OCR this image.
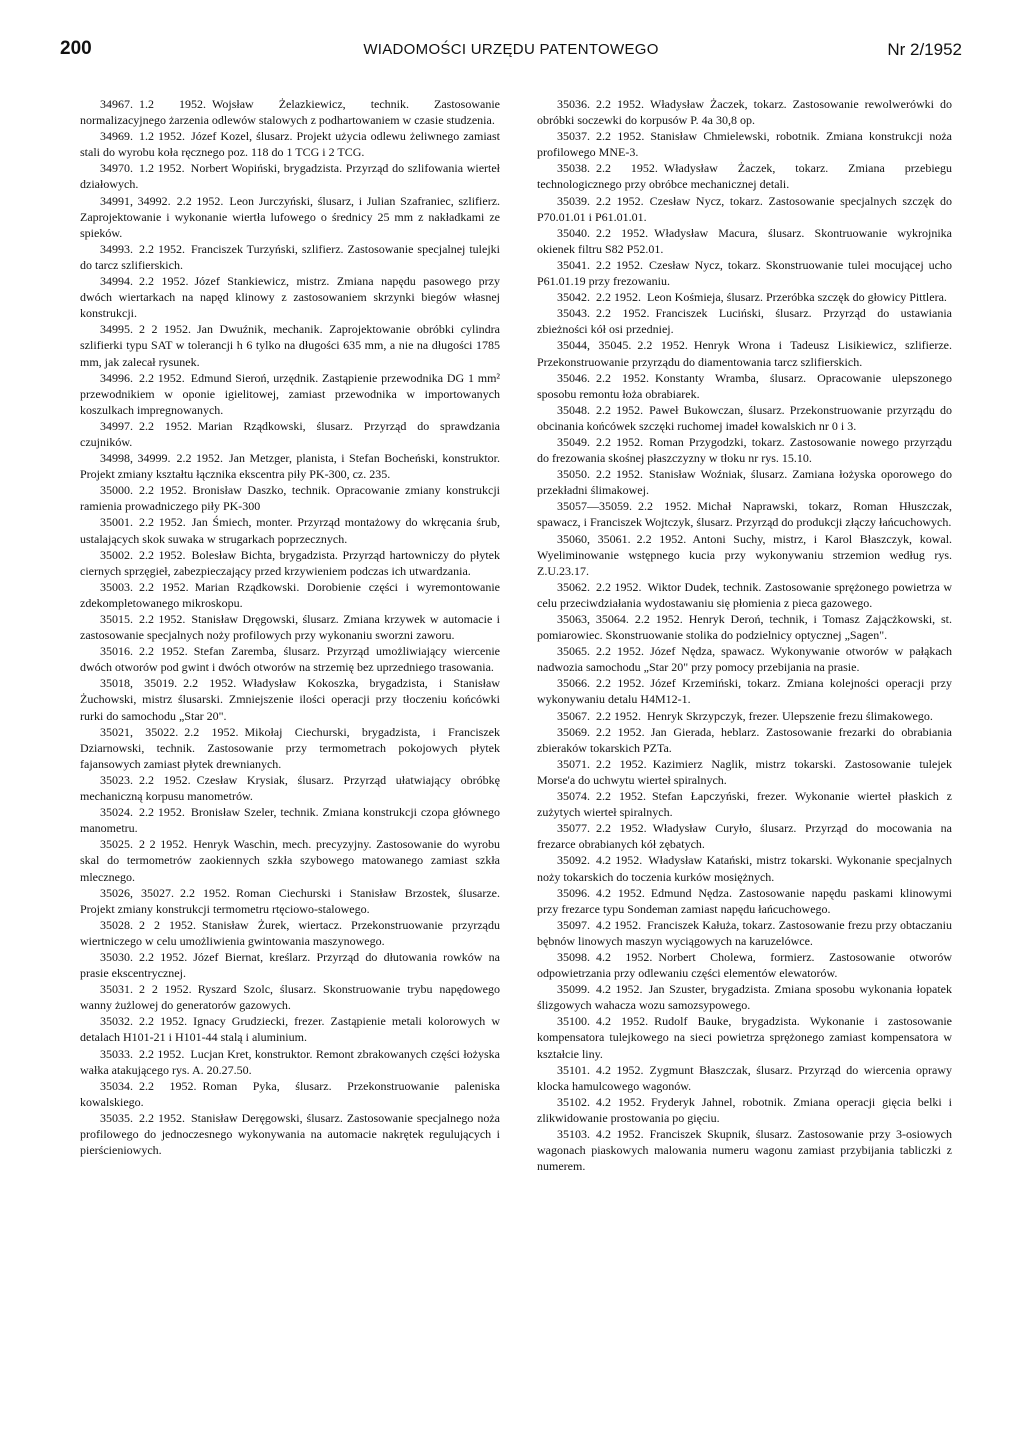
200	WIADOMOŚCI URZĘDU PATENTOWEGO	Nr 2/1952

34967. 1.2 1952. Wojsław Żelazkiewicz, technik. Zastosowanie normalizacyjnego żarzenia odlewów stalowych z podhartowaniem w czasie studzenia.

34969. 1.2 1952. Józef Kozel, ślusarz. Projekt użycia odlewu żeliwnego zamiast stali do wyrobu koła ręcznego poz. 118 do 1 TCG i 2 TCG.

34970. 1.2 1952. Norbert Wopiński, brygadzista. Przyrząd do szlifowania wierteł działowych.

34991, 34992. 2.2 1952. Leon Jurczyński, ślusarz, i Julian Szafraniec, szlifierz. Zaprojektowanie i wykonanie wiertła lufowego o średnicy 25 mm z nakładkami ze spieków.

34993. 2.2 1952. Franciszek Turzyński, szlifierz. Zastosowanie specjalnej tulejki do tarcz szlifierskich.

34994. 2.2 1952. Józef Stankiewicz, mistrz. Zmiana napędu pasowego przy dwóch wiertarkach na napęd klinowy z zastosowaniem skrzynki biegów własnej konstrukcji.

34995. 2 2 1952. Jan Dwuźnik, mechanik. Zaprojektowanie obróbki cylindra szlifierki typu SAT w tolerancji h 6 tylko na długości 635 mm, a nie na długości 1785 mm, jak zalecał rysunek.

34996. 2.2 1952. Edmund Sieroń, urzędnik. Zastąpienie przewodnika DG 1 mm² przewodnikiem w oponie igielitowej, zamiast przewodnika w importowanych koszulkach impregnowanych.

34997. 2.2 1952. Marian Rządkowski, ślusarz. Przyrząd do sprawdzania czujników.

34998, 34999. 2.2 1952. Jan Metzger, planista, i Stefan Bocheński, konstruktor. Projekt zmiany kształtu łącznika ekscentra piły PK-300, cz. 235.

35000. 2.2 1952. Bronisław Daszko, technik. Opracowanie zmiany konstrukcji ramienia prowadniczego piły PK-300

35001. 2.2 1952. Jan Śmiech, monter. Przyrząd montażowy do wkręcania śrub, ustalających skok suwaka w strugarkach poprzecznych.

35002. 2.2 1952. Bolesław Bichta, brygadzista. Przyrząd hartowniczy do płytek ciernych sprzęgieł, zabezpieczający przed krzywieniem podczas ich utwardzania.

35003. 2.2 1952. Marian Rządkowski. Dorobienie części i wyremontowanie zdekompletowanego mikroskopu.

35015. 2.2 1952. Stanisław Dręgowski, ślusarz. Zmiana krzywek w automacie i zastosowanie specjalnych noży profilowych przy wykonaniu sworzni zaworu.

35016. 2.2 1952. Stefan Zaremba, ślusarz. Przyrząd umożliwiający wiercenie dwóch otworów pod gwint i dwóch otworów na strzemię bez uprzedniego trasowania.

35018, 35019. 2.2 1952. Władysław Kokoszka, brygadzista, i Stanisław Żuchowski, mistrz ślusarski. Zmniejszenie ilości operacji przy tłoczeniu końcówki rurki do samochodu „Star 20".

35021, 35022. 2.2 1952. Mikołaj Ciechurski, brygadzista, i Franciszek Dziarnowski, technik. Zastosowanie przy termometrach pokojowych płytek fajansowych zamiast płytek drewnianych.

35023. 2.2 1952. Czesław Krysiak, ślusarz. Przyrząd ułatwiający obróbkę mechaniczną korpusu manometrów.

35024. 2.2 1952. Bronisław Szeler, technik. Zmiana konstrukcji czopa głównego manometru.

35025. 2 2 1952. Henryk Waschin, mech. precyzyjny. Zastosowanie do wyrobu skal do termometrów zaokiennych szkła szybowego matowanego zamiast szkła mlecznego.

35026, 35027. 2.2 1952. Roman Ciechurski i Stanisław Brzostek, ślusarze. Projekt zmiany konstrukcji termometru rtęciowo-stalowego.

35028. 2 2 1952. Stanisław Żurek, wiertacz. Przekonstruowanie przyrządu wiertniczego w celu umożliwienia gwintowania maszynowego.

35030. 2.2 1952. Józef Biernat, kreślarz. Przyrząd do dłutowania rowków na prasie ekscentrycznej.

35031. 2 2 1952. Ryszard Szolc, ślusarz. Skonstruowanie trybu napędowego wanny żużlowej do generatorów gazowych.

35032. 2.2 1952. Ignacy Grudziecki, frezer. Zastąpienie metali kolorowych w detalach H101-21 i H101-44 stalą i aluminium.

35033. 2.2 1952. Lucjan Kret, konstruktor. Remont zbrakowanych części łożyska wałka atakującego rys. A. 20.27.50.

35034. 2.2 1952. Roman Pyka, ślusarz. Przekonstruowanie paleniska kowalskiego.

35035. 2.2 1952. Stanisław Deręgowski, ślusarz. Zastosowanie specjalnego noża profilowego do jednoczesnego wykonywania na automacie nakrętek regulujących i pierścieniowych.

35036. 2.2 1952. Władysław Żaczek, tokarz. Zastosowanie rewolwerówki do obróbki soczewki do korpusów P. 4a 30,8 op.

35037. 2.2 1952. Stanisław Chmielewski, robotnik. Zmiana konstrukcji noża profilowego MNE-3.

35038. 2.2 1952. Władysław Żaczek, tokarz. Zmiana przebiegu technologicznego przy obróbce mechanicznej detali.

35039. 2.2 1952. Czesław Nycz, tokarz. Zastosowanie specjalnych szczęk do P70.01.01 i P61.01.01.

35040. 2.2 1952. Władysław Macura, ślusarz. Skontruowanie wykrojnika okienek filtru S82 P52.01.

35041. 2.2 1952. Czesław Nycz, tokarz. Skonstruowanie tulei mocującej ucho P61.01.19 przy frezowaniu.

35042. 2.2 1952. Leon Kośmieja, ślusarz. Przeróbka szczęk do głowicy Pittlera.

35043. 2.2 1952. Franciszek Luciński, ślusarz. Przyrząd do ustawiania zbieżności kół osi przedniej.

35044, 35045. 2.2 1952. Henryk Wrona i Tadeusz Lisikiewicz, szlifierze. Przekonstruowanie przyrządu do diamentowania tarcz szlifierskich.

35046. 2.2 1952. Konstanty Wramba, ślusarz. Opracowanie ulepszonego sposobu remontu łoża obrabiarek.

35048. 2.2 1952. Paweł Bukowczan, ślusarz. Przekonstruowanie przyrządu do obcinania końcówek szczęki ruchomej imadeł kowalskich nr 0 i 3.

35049. 2.2 1952. Roman Przygodzki, tokarz. Zastosowanie nowego przyrządu do frezowania skośnej płaszczyzny w tłoku nr rys. 15.10.

35050. 2.2 1952. Stanisław Woźniak, ślusarz. Zamiana łożyska oporowego do przekładni ślimakowej.

35057—35059. 2.2 1952. Michał Naprawski, tokarz, Roman Hłuszczak, spawacz, i Franciszek Wojtczyk, ślusarz. Przyrząd do produkcji złączy łańcuchowych.

35060, 35061. 2.2 1952. Antoni Suchy, mistrz, i Karol Błaszczyk, kowal. Wyeliminowanie wstępnego kucia przy wykonywaniu strzemion według rys. Z.U.23.17.

35062. 2.2 1952. Wiktor Dudek, technik. Zastosowanie sprężonego powietrza w celu przeciwdziałania wydostawaniu się płomienia z pieca gazowego.

35063, 35064. 2.2 1952. Henryk Deroń, technik, i Tomasz Zającżkowski, st. pomiarowiec. Skonstruowanie stolika do podzielnicy optycznej „Sagen".

35065. 2.2 1952. Józef Nędza, spawacz. Wykonywanie otworów w pałąkach nadwozia samochodu „Star 20" przy pomocy przebijania na prasie.

35066. 2.2 1952. Józef Krzemiński, tokarz. Zmiana kolejności operacji przy wykonywaniu detalu H4M12-1.

35067. 2.2 1952. Henryk Skrzypczyk, frezer. Ulepszenie frezu ślimakowego.

35069. 2.2 1952. Jan Gierada, heblarz. Zastosowanie frezarki do obrabiania zbieraków tokarskich PZTa.

35071. 2.2 1952. Kazimierz Naglik, mistrz tokarski. Zastosowanie tulejek Morse'a do uchwytu wierteł spiralnych.

35074. 2.2 1952. Stefan Łapczyński, frezer. Wykonanie wierteł płaskich z zużytych wierteł spiralnych.

35077. 2.2 1952. Władysław Curyło, ślusarz. Przyrząd do mocowania na frezarce obrabianych kół zębatych.

35092. 4.2 1952. Władysław Katański, mistrz tokarski. Wykonanie specjalnych noży tokarskich do toczenia kurków mosiężnych.

35096. 4.2 1952. Edmund Nędza. Zastosowanie napędu paskami klinowymi przy frezarce typu Sondeman zamiast napędu łańcuchowego.

35097. 4.2 1952. Franciszek Kałuża, tokarz. Zastosowanie frezu przy obtaczaniu bębnów linowych maszyn wyciągowych na karuzelówce.

35098. 4.2 1952. Norbert Cholewa, formierz. Zastosowanie otworów odpowietrzania przy odlewaniu części elementów elewatorów.

35099. 4.2 1952. Jan Szuster, brygadzista. Zmiana sposobu wykonania łopatek ślizgowych wahacza wozu samozsypowego.

35100. 4.2 1952. Rudolf Bauke, brygadzista. Wykonanie i zastosowanie kompensatora tulejkowego na sieci powietrza sprężonego zamiast kompensatora w kształcie liny.

35101. 4.2 1952. Zygmunt Błaszczak, ślusarz. Przyrząd do wiercenia oprawy klocka hamulcowego wagonów.

35102. 4.2 1952. Fryderyk Jahnel, robotnik. Zmiana operacji gięcia belki i zlikwidowanie prostowania po gięciu.

35103. 4.2 1952. Franciszek Skupnik, ślusarz. Zastosowanie przy 3-osiowych wagonach piaskowych malowania numeru wagonu zamiast przybijania tabliczki z numerem.
